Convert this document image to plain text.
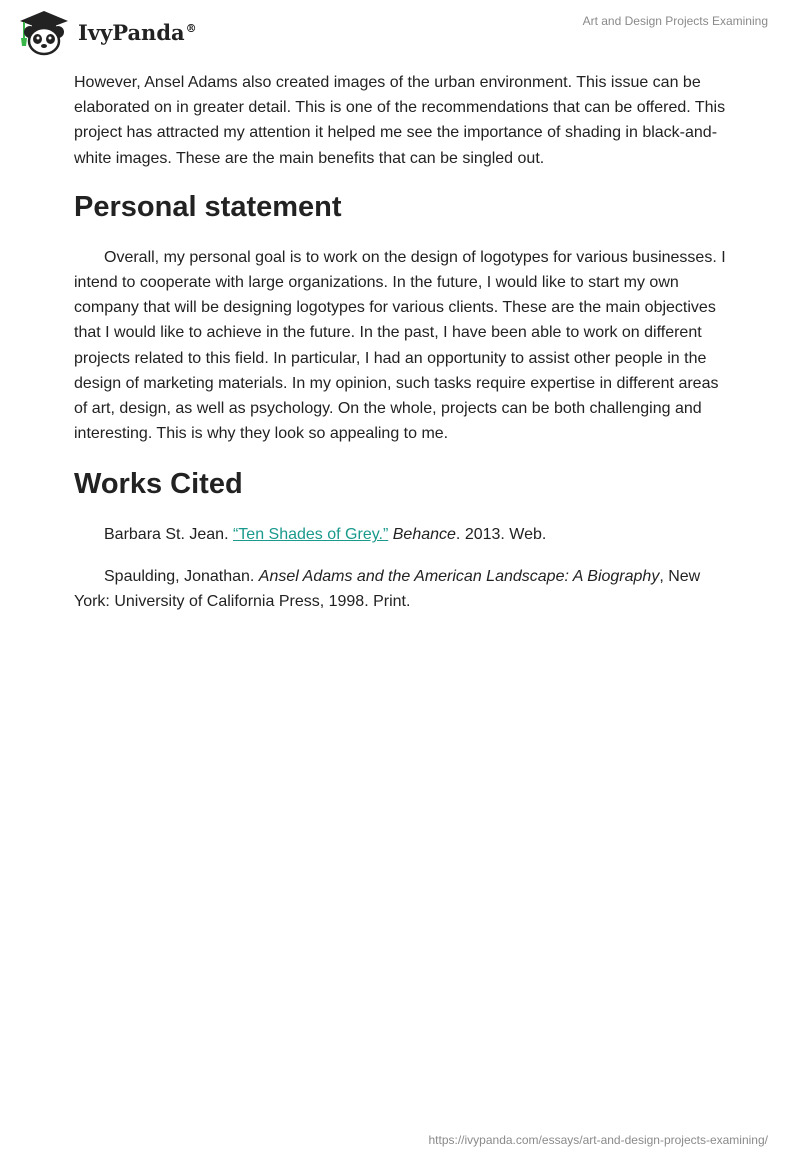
IvyPanda®
Art and Design Projects Examining

However, Ansel Adams also created images of the urban environment. This issue can be elaborated on in greater detail. This is one of the recommendations that can be offered. This project has attracted my attention it helped me see the importance of shading in black-and-white images. These are the main benefits that can be singled out.

Personal statement

Overall, my personal goal is to work on the design of logotypes for various businesses. I intend to cooperate with large organizations. In the future, I would like to start my own company that will be designing logotypes for various clients. These are the main objectives that I would like to achieve in the future. In the past, I have been able to work on different projects related to this field. In particular, I had an opportunity to assist other people in the design of marketing materials. In my opinion, such tasks require expertise in different areas of art, design, as well as psychology. On the whole, projects can be both challenging and interesting. This is why they look so appealing to me.

Works Cited

Barbara St. Jean. “Ten Shades of Grey.” Behance. 2013. Web.

Spaulding, Jonathan. Ansel Adams and the American Landscape: A Biography, New York: University of California Press, 1998. Print.

https://ivypanda.com/essays/art-and-design-projects-examining/
